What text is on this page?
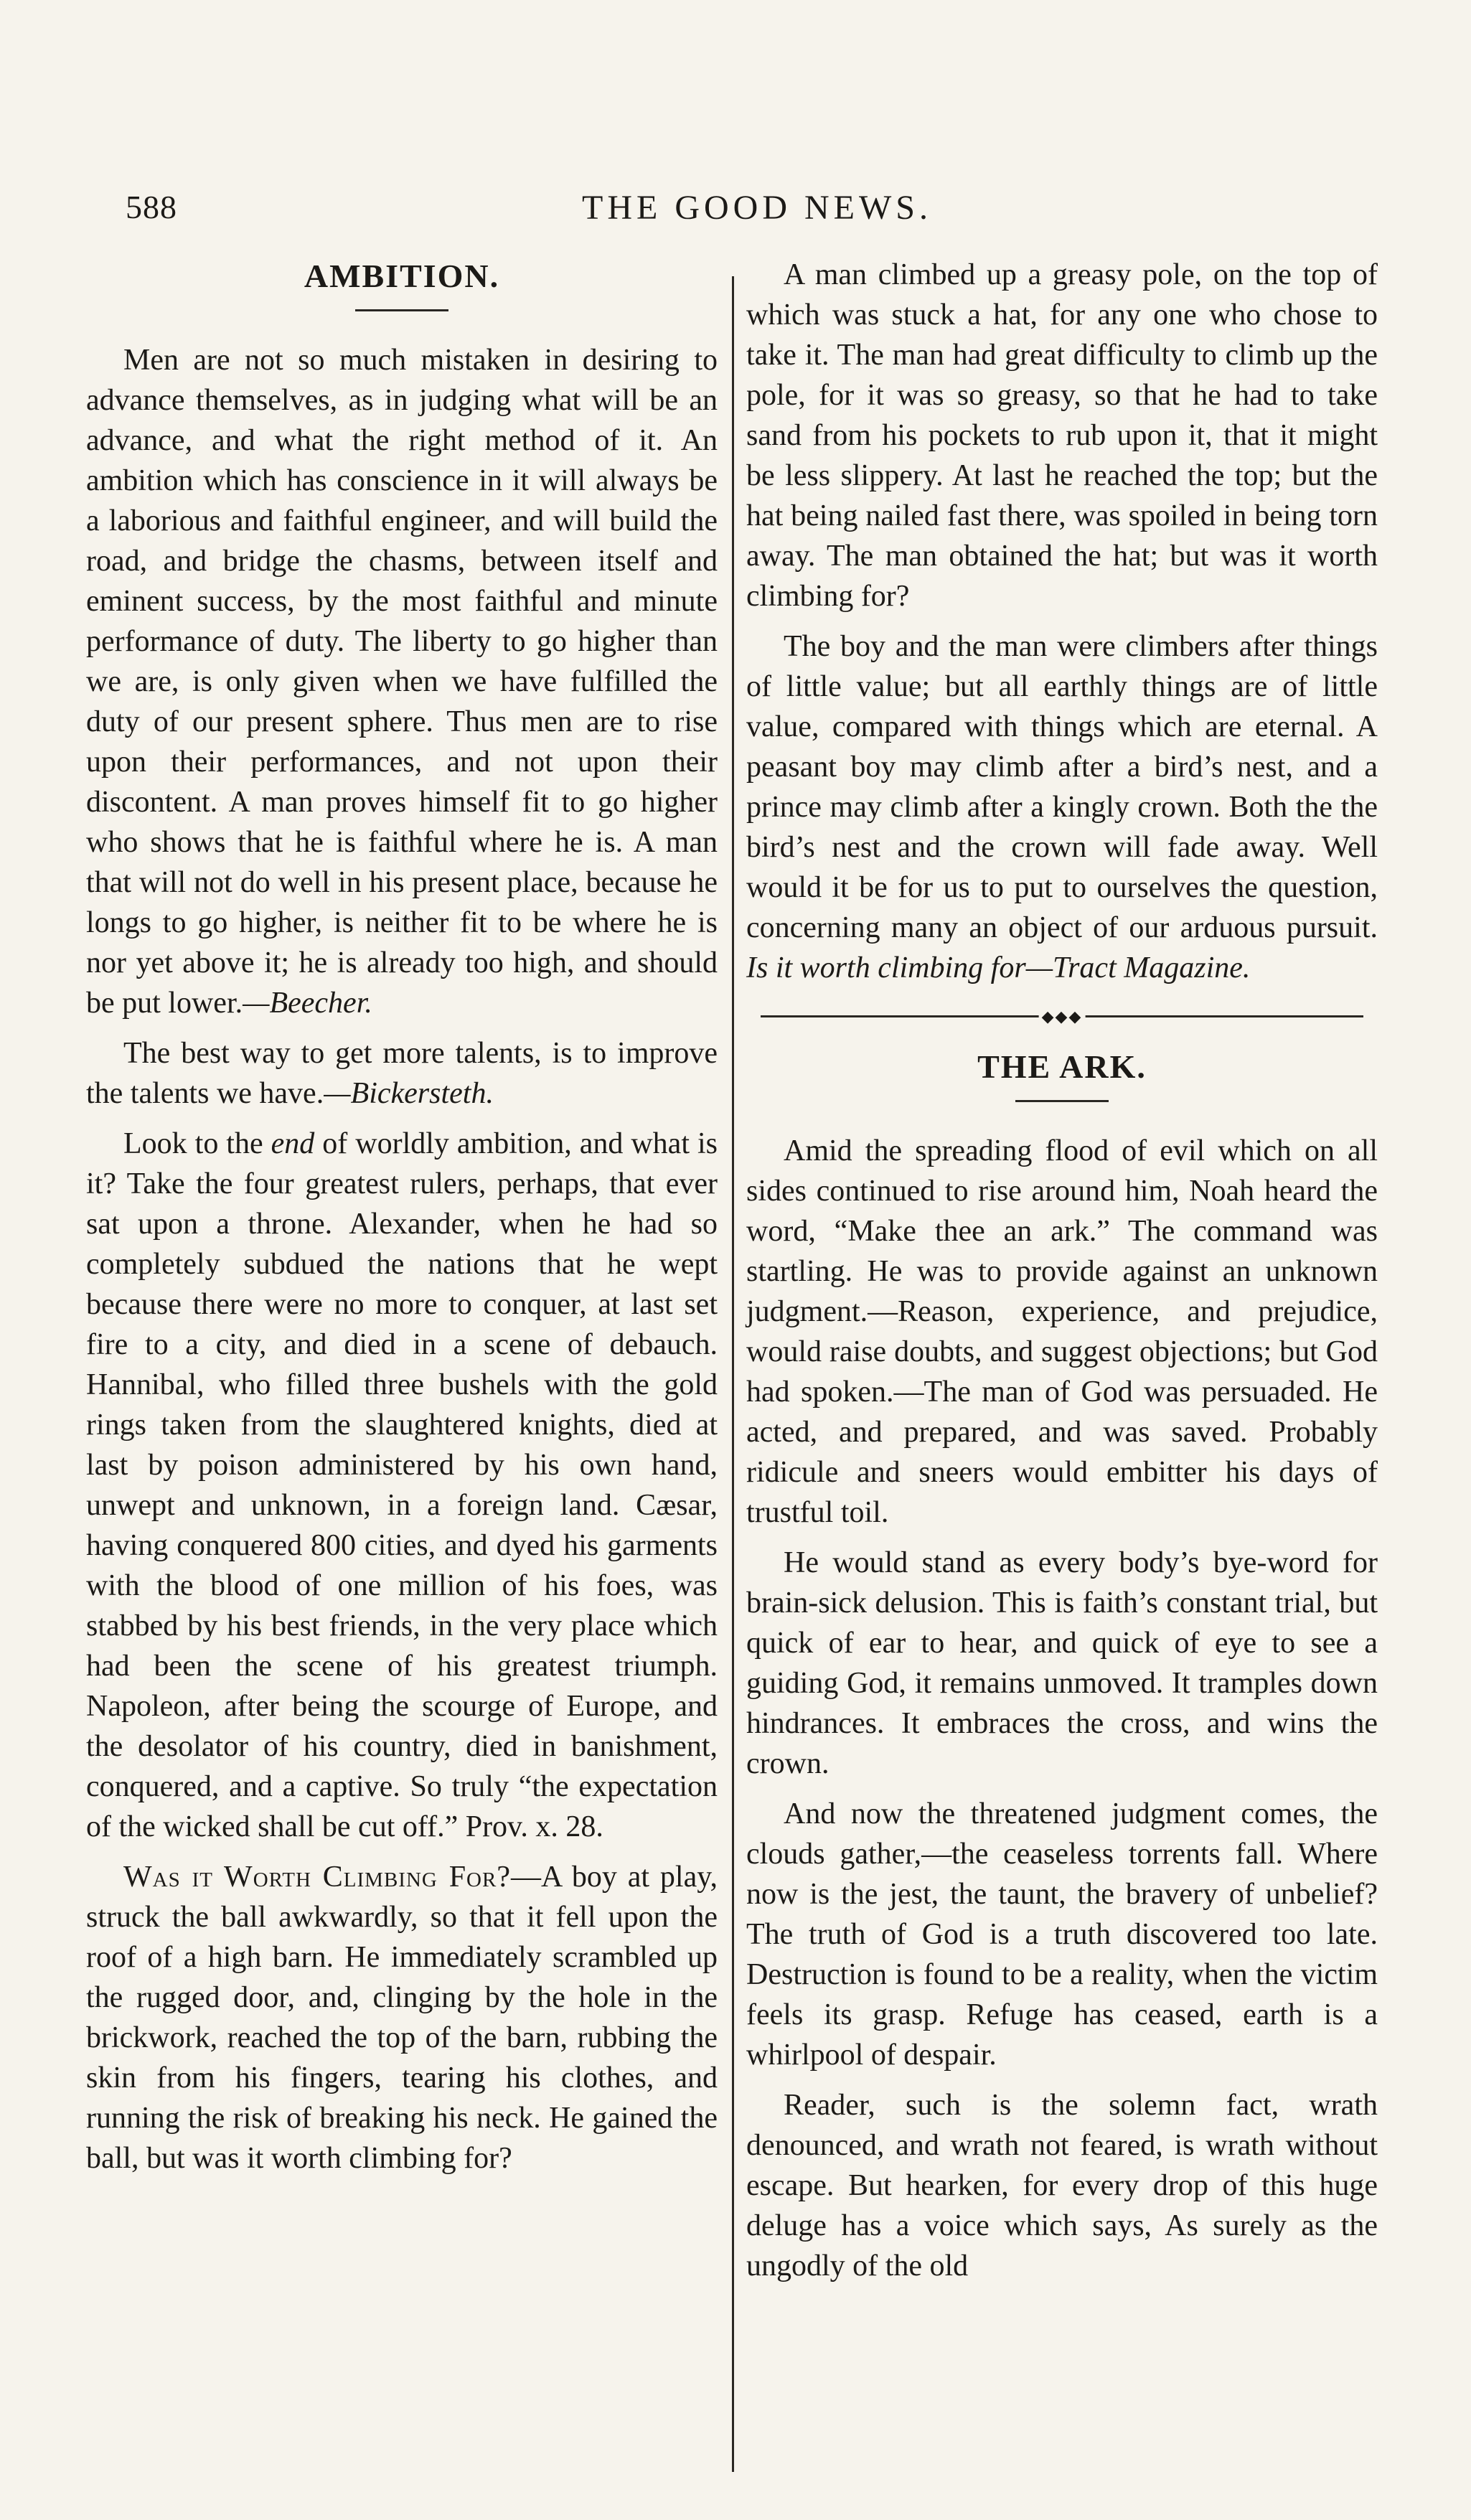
588	THE GOOD NEWS.
AMBITION.

Men are not so much mistaken in desiring to advance themselves, as in judging what will be an advance, and what the right method of it. An ambition which has conscience in it will always be a laborious and faithful engineer, and will build the road, and bridge the chasms, between itself and eminent success, by the most faithful and minute performance of duty. The liberty to go higher than we are, is only given when we have fulfilled the duty of our present sphere. Thus men are to rise upon their performances, and not upon their discontent. A man proves himself fit to go higher who shows that he is faithful where he is. A man that will not do well in his present place, because he longs to go higher, is neither fit to be where he is nor yet above it; he is already too high, and should be put lower.—Beecher.

The best way to get more talents, is to improve the talents we have.—Bickersteth.

Look to the end of worldly ambition, and what is it? Take the four greatest rulers, perhaps, that ever sat upon a throne. Alexander, when he had so completely subdued the nations that he wept because there were no more to conquer, at last set fire to a city, and died in a scene of debauch. Hannibal, who filled three bushels with the gold rings taken from the slaughtered knights, died at last by poison administered by his own hand, unwept and unknown, in a foreign land. Cæsar, having conquered 800 cities, and dyed his garments with the blood of one million of his foes, was stabbed by his best friends, in the very place which had been the scene of his greatest triumph. Napoleon, after being the scourge of Europe, and the desolator of his country, died in banishment, conquered, and a captive. So truly “the expectation of the wicked shall be cut off.” Prov. x. 28.

Was it Worth Climbing For?—A boy at play, struck the ball awkwardly, so that it fell upon the roof of a high barn. He immediately scrambled up the rugged door, and, clinging by the hole in the brickwork, reached the top of the barn, rubbing the skin from his fingers, tearing his clothes, and running the risk of breaking his neck. He gained the ball, but was it worth climbing for?

A man climbed up a greasy pole, on the top of which was stuck a hat, for any one who chose to take it. The man had great difficulty to climb up the pole, for it was so greasy, so that he had to take sand from his pockets to rub upon it, that it might be less slippery. At last he reached the top; but the hat being nailed fast there, was spoiled in being torn away. The man obtained the hat; but was it worth climbing for?

The boy and the man were climbers after things of little value; but all earthly things are of little value, compared with things which are eternal. A peasant boy may climb after a bird’s nest, and a prince may climb after a kingly crown. Both the the bird’s nest and the crown will fade away. Well would it be for us to put to ourselves the question, concerning many an object of our arduous pursuit. Is it worth climbing for—Tract Magazine.

◆◆◆
THE ARK.

Amid the spreading flood of evil which on all sides continued to rise around him, Noah heard the word, “Make thee an ark.” The command was startling. He was to provide against an unknown judgment.—Reason, experience, and prejudice, would raise doubts, and suggest objections; but God had spoken.—The man of God was persuaded. He acted, and prepared, and was saved. Probably ridicule and sneers would embitter his days of trustful toil.

He would stand as every body’s bye-word for brain-sick delusion. This is faith’s constant trial, but quick of ear to hear, and quick of eye to see a guiding God, it remains unmoved. It tramples down hindrances. It embraces the cross, and wins the crown.

And now the threatened judgment comes, the clouds gather,—the ceaseless torrents fall. Where now is the jest, the taunt, the bravery of unbelief? The truth of God is a truth discovered too late. Destruction is found to be a reality, when the victim feels its grasp. Refuge has ceased, earth is a whirlpool of despair.

Reader, such is the solemn fact, wrath denounced, and wrath not feared, is wrath without escape. But hearken, for every drop of this huge deluge has a voice which says, As surely as the ungodly of the old
